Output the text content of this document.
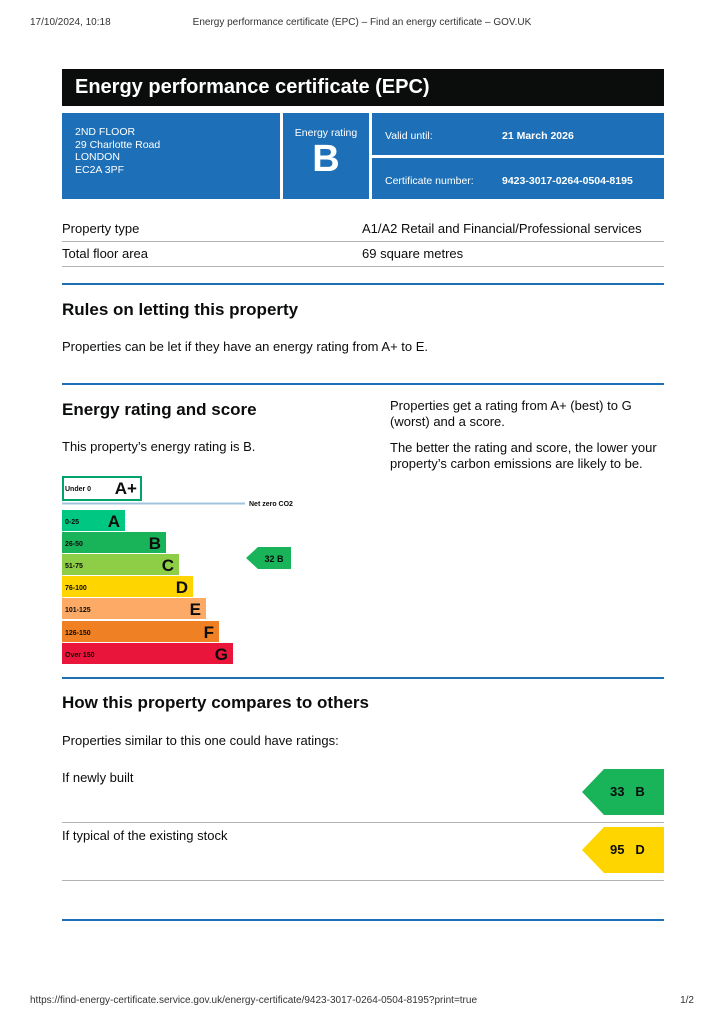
17/10/2024, 10:18	Energy performance certificate (EPC) – Find an energy certificate – GOV.UK
Energy performance certificate (EPC)
2ND FLOOR
29 Charlotte Road
LONDON
EC2A 3PF
Energy rating
B
Valid until:	21 March 2026
Certificate number:	9423-3017-0264-0504-8195
Property type	A1/A2 Retail and Financial/Professional services
Total floor area	69 square metres
Rules on letting this property

Properties can be let if they have an energy rating from A+ to E.

Energy rating and score

This property’s energy rating is B.

Properties get a rating from A+ (best) to G (worst) and a score.

The better the rating and score, the lower your property’s carbon emissions are likely to be.

Under 0 A+
0-25 A
26-50	B
51-75	C
76-100	D
101-125	E
126-150	F
Over 150	G
Net zero CO2
32 B
How this property compares to others

Properties similar to this one could have ratings:

If newly built
33 B
If typical of the existing stock
95 D
https://find-energy-certificate.service.gov.uk/energy-certificate/9423-3017-0264-0504-8195?print=true	1/2
